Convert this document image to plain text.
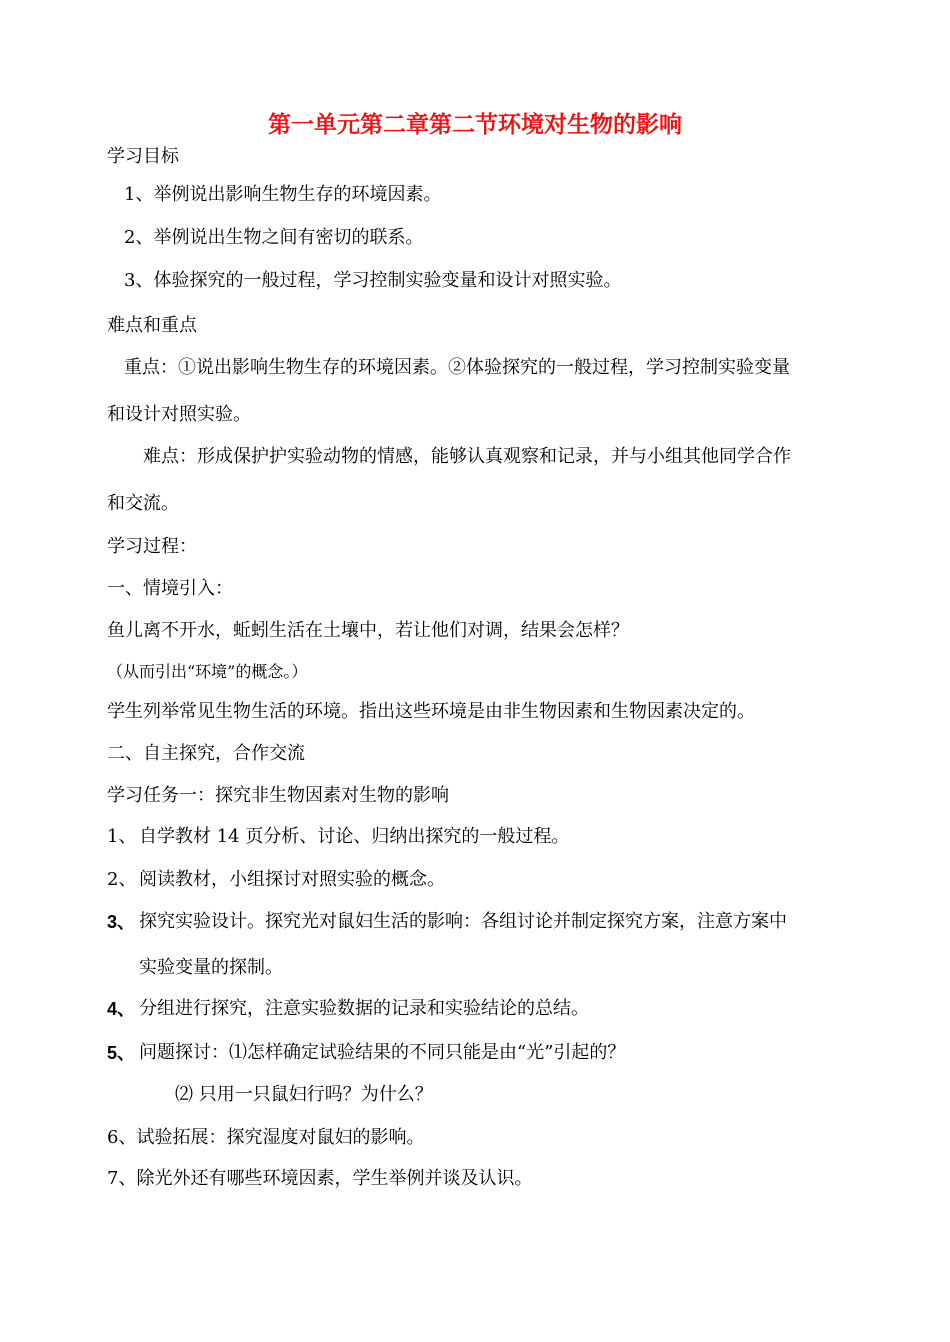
第一单元第二章第二节环境对生物的影响
学习目标
1、举例说出影响生物生存的环境因素。
2、举例说出生物之间有密切的联系。
3、体验探究的一般过程，学习控制实验变量和设计对照实验。
难点和重点
重点：①说出影响生物生存的环境因素。②体验探究的一般过程，学习控制实验变量
和设计对照实验。
难点：形成保护护实验动物的情感，能够认真观察和记录，并与小组其他同学合作
和交流。
学习过程：
一、情境引入：
鱼儿离不开水，蚯蚓生活在土壤中，若让他们对调，结果会怎样？
（从而引出“环境”的概念。）
学生列举常见生物生活的环境。指出这些环境是由非生物因素和生物因素决定的。
二、自主探究，合作交流
学习任务一：探究非生物因素对生物的影响
1、 自学教材 14 页分析、讨论、归纳出探究的一般过程。
2、 阅读教材，小组探讨对照实验的概念。
3、 探究实验设计。探究光对鼠妇生活的影响：各组讨论并制定探究方案，注意方案中
实验变量的探制。
4、 分组进行探究，注意实验数据的记录和实验结论的总结。
5、 问题探讨：⑴怎样确定试验结果的不同只能是由“光”引起的？
⑵ 只用一只鼠妇行吗？为什么？
6、试验拓展：探究湿度对鼠妇的影响。
7、除光外还有哪些环境因素，学生举例并谈及认识。
